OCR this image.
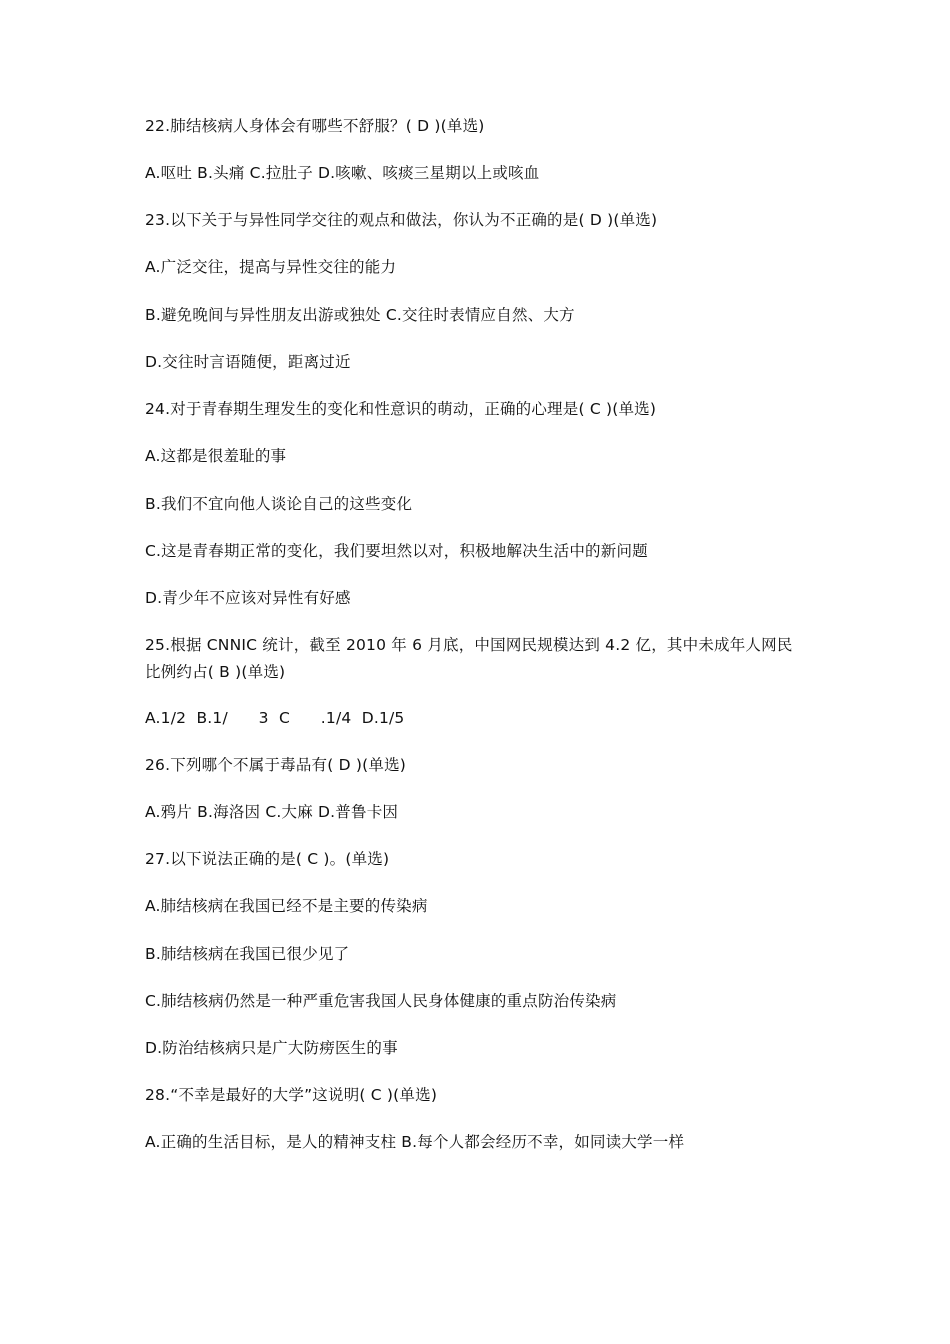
22.肺结核病人身体会有哪些不舒服？( D )(单选)
A.呕吐 B.头痛 C.拉肚子 D.咳嗽、咳痰三星期以上或咳血
23.以下关于与异性同学交往的观点和做法，你认为不正确的是( D )(单选)
A.广泛交往，提高与异性交往的能力
B.避免晚间与异性朋友出游或独处 C.交往时表情应自然、大方
D.交往时言语随便，距离过近
24.对于青春期生理发生的变化和性意识的萌动，正确的心理是( C )(单选)
A.这都是很羞耻的事
B.我们不宜向他人谈论自己的这些变化
C.这是青春期正常的变化，我们要坦然以对，积极地解决生活中的新问题
D.青少年不应该对异性有好感
25.根据 CNNIC 统计，截至 2010 年 6 月底，中国网民规模达到 4.2 亿，其中未成年人网民
比例约占( B )(单选)
A.1/2  B.1/      3  C      .1/4  D.1/5
26.下列哪个不属于毒品有( D )(单选)
A.鸦片 B.海洛因 C.大麻 D.普鲁卡因
27.以下说法正确的是( C )。(单选)
A.肺结核病在我国已经不是主要的传染病
B.肺结核病在我国已很少见了
C.肺结核病仍然是一种严重危害我国人民身体健康的重点防治传染病
D.防治结核病只是广大防痨医生的事
28.“不幸是最好的大学”这说明( C )(单选)
A.正确的生活目标，是人的精神支柱 B.每个人都会经历不幸，如同读大学一样
